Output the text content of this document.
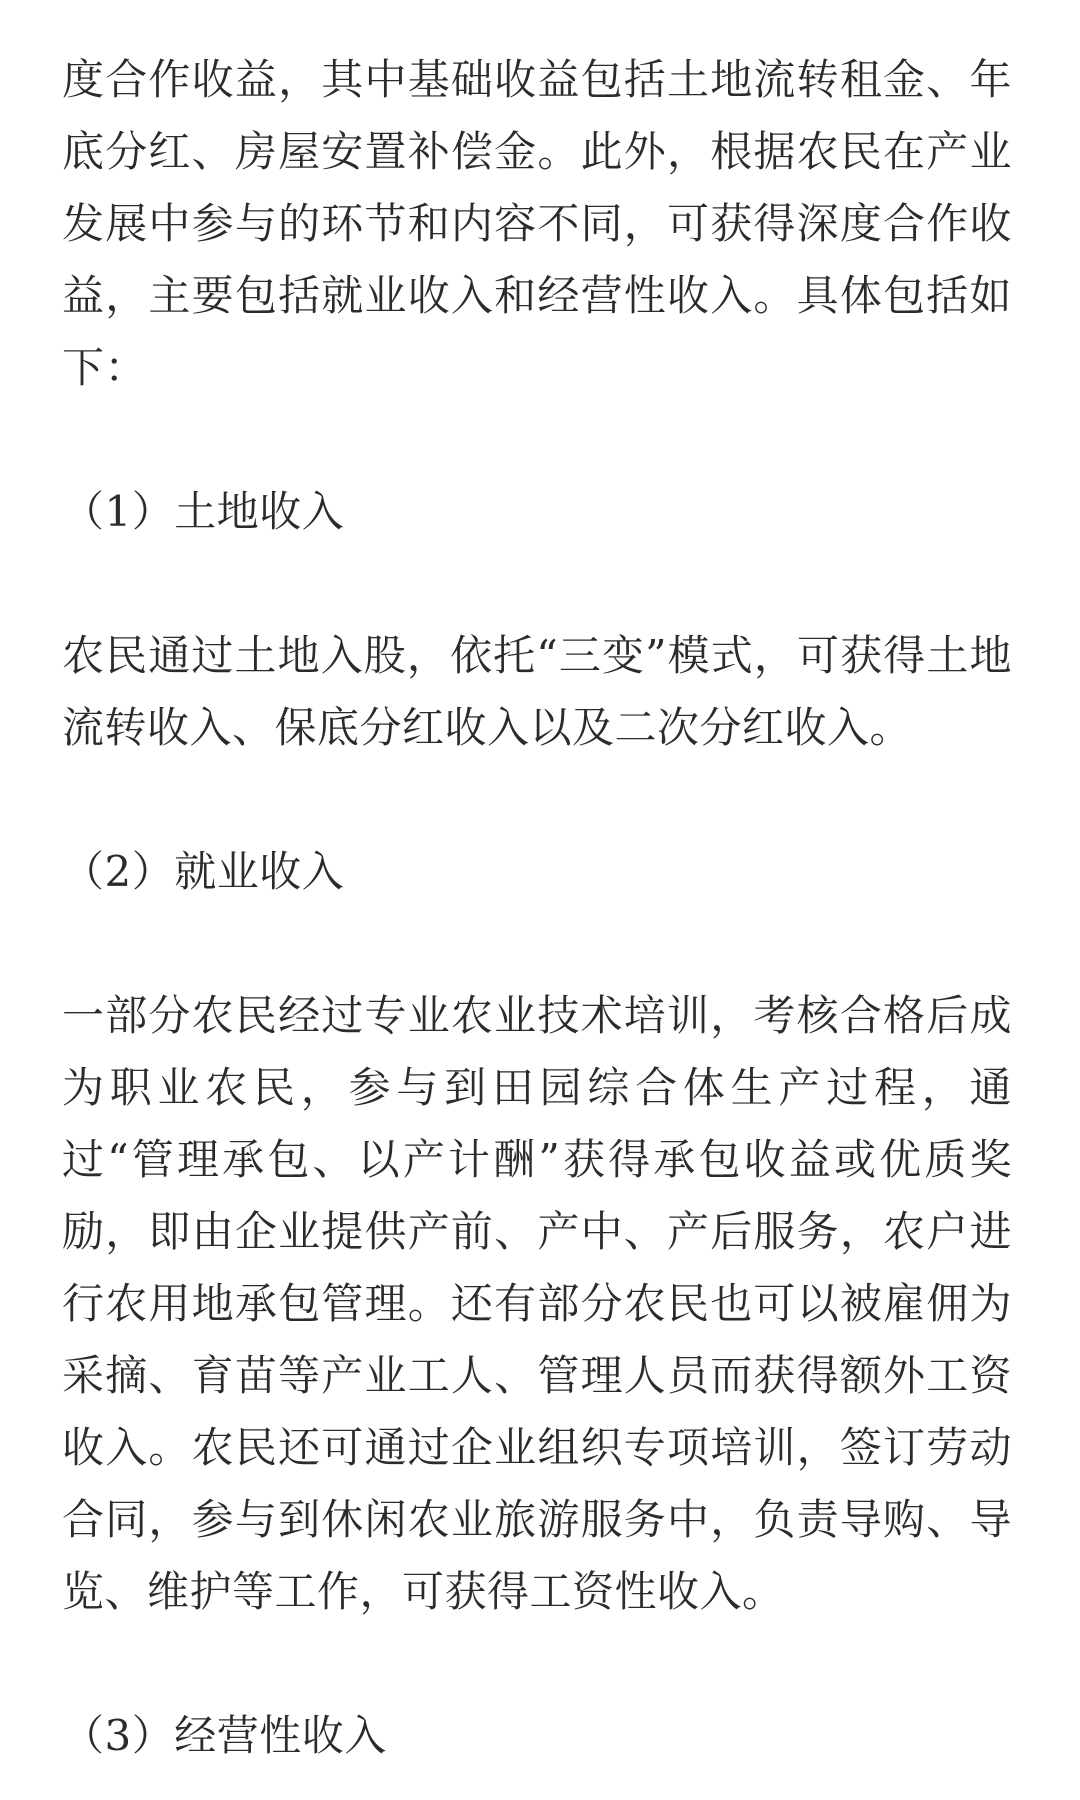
度合作收益，其中基础收益包括土地流转租金、年底分红、房屋安置补偿金。此外，根据农民在产业发展中参与的环节和内容不同，可获得深度合作收益，主要包括就业收入和经营性收入。具体包括如下：

（1）土地收入

农民通过土地入股，依托“三变”模式，可获得土地流转收入、保底分红收入以及二次分红收入。

（2）就业收入

一部分农民经过专业农业技术培训，考核合格后成为职业农民，参与到田园综合体生产过程，通过“管理承包、以产计酬”获得承包收益或优质奖励，即由企业提供产前、产中、产后服务，农户进行农用地承包管理。还有部分农民也可以被雇佣为采摘、育苗等产业工人、管理人员而获得额外工资收入。农民还可通过企业组织专项培训，签订劳动合同，参与到休闲农业旅游服务中，负责导购、导览、维护等工作，可获得工资性收入。

（3）经营性收入
